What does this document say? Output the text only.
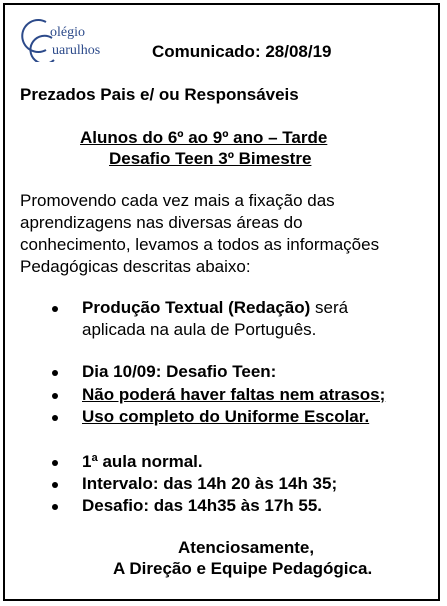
olégio
uarulhos	Comunicado: 28/08/19
Prezados Pais e/ ou Responsáveis
Alunos do 6º ao 9º ano – Tarde
Desafio Teen 3º Bimestre
Promovendo cada vez mais a fixação das
aprendizagens nas diversas áreas do
conhecimento, levamos a todos as informações
Pedagógicas descritas abaixo:
Produção Textual (Redação) será
aplicada na aula de Português.
Dia 10/09: Desafio Teen:
Não poderá haver faltas nem atrasos;
Uso completo do Uniforme Escolar.
1ª aula normal.
Intervalo: das 14h 20 às 14h 35;
Desafio: das 14h35 às 17h 55.
Atenciosamente,
A Direção e Equipe Pedagógica.
